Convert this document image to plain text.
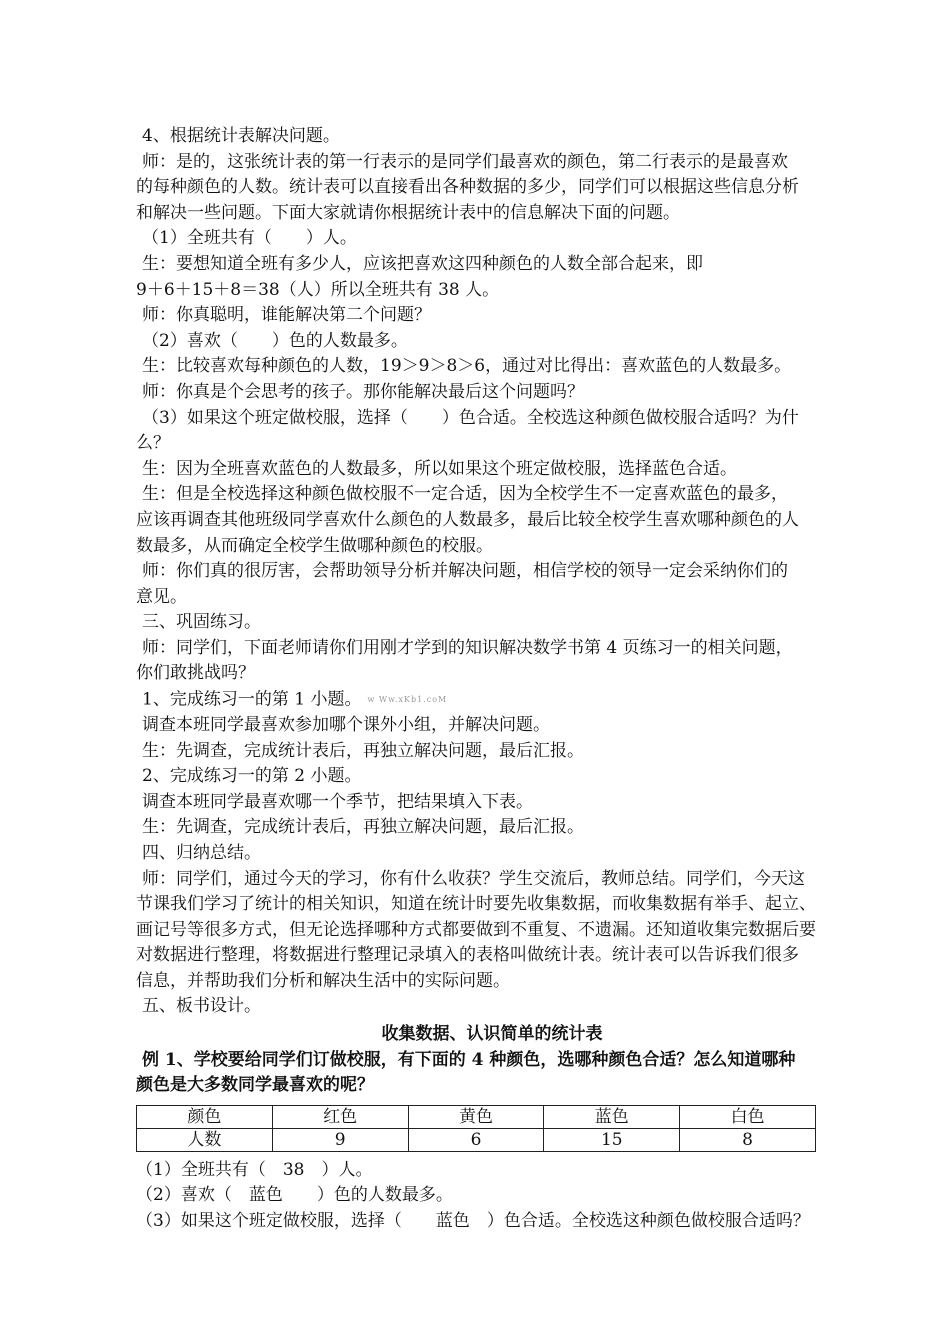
4、根据统计表解决问题。
师：是的，这张统计表的第一行表示的是同学们最喜欢的颜色，第二行表示的是最喜欢
的每种颜色的人数。统计表可以直接看出各种数据的多少，同学们可以根据这些信息分析
和解决一些问题。下面大家就请你根据统计表中的信息解决下面的问题。
（1）全班共有（　　）人。
生：要想知道全班有多少人，应该把喜欢这四种颜色的人数全部合起来，即
9＋6＋15＋8＝38（人）所以全班共有 38 人。
师：你真聪明，谁能解决第二个问题？
（2）喜欢（　　）色的人数最多。
生：比较喜欢每种颜色的人数，19＞9＞8＞6，通过对比得出：喜欢蓝色的人数最多。
师：你真是个会思考的孩子。那你能解决最后这个问题吗？
（3）如果这个班定做校服，选择（　　）色合适。全校选这种颜色做校服合适吗？为什
么？
生：因为全班喜欢蓝色的人数最多，所以如果这个班定做校服，选择蓝色合适。
生：但是全校选择这种颜色做校服不一定合适，因为全校学生不一定喜欢蓝色的最多，
应该再调查其他班级同学喜欢什么颜色的人数最多，最后比较全校学生喜欢哪种颜色的人
数最多，从而确定全校学生做哪种颜色的校服。
师：你们真的很厉害，会帮助领导分析并解决问题，相信学校的领导一定会采纳你们的
意见。
三、巩固练习。
师：同学们，下面老师请你们用刚才学到的知识解决数学书第 4 页练习一的相关问题，
你们敢挑战吗？
1、完成练习一的第 1 小题。 w Ww.xKb1.coM
调查本班同学最喜欢参加哪个课外小组，并解决问题。
生：先调查，完成统计表后，再独立解决问题，最后汇报。
2、完成练习一的第 2 小题。
调查本班同学最喜欢哪一个季节，把结果填入下表。
生：先调查，完成统计表后，再独立解决问题，最后汇报。
四、归纳总结。
师：同学们，通过今天的学习，你有什么收获？学生交流后，教师总结。同学们，今天这
节课我们学习了统计的相关知识，知道在统计时要先收集数据，而收集数据有举手、起立、
画记号等很多方式，但无论选择哪种方式都要做到不重复、不遗漏。还知道收集完数据后要
对数据进行整理，将数据进行整理记录填入的表格叫做统计表。统计表可以告诉我们很多
信息，并帮助我们分析和解决生活中的实际问题。
五、板书设计。
收集数据、认识简单的统计表
例 1、学校要给同学们订做校服，有下面的 4 种颜色，选哪种颜色合适？怎么知道哪种
颜色是大多数同学最喜欢的呢？
颜色	红色	黄色	蓝色	白色
人数	9	6	15	8
（1）全班共有（　38　）人。
（2）喜欢（　蓝色　　）色的人数最多。
（3）如果这个班定做校服，选择（　　蓝色　）色合适。全校选这种颜色做校服合适吗？
